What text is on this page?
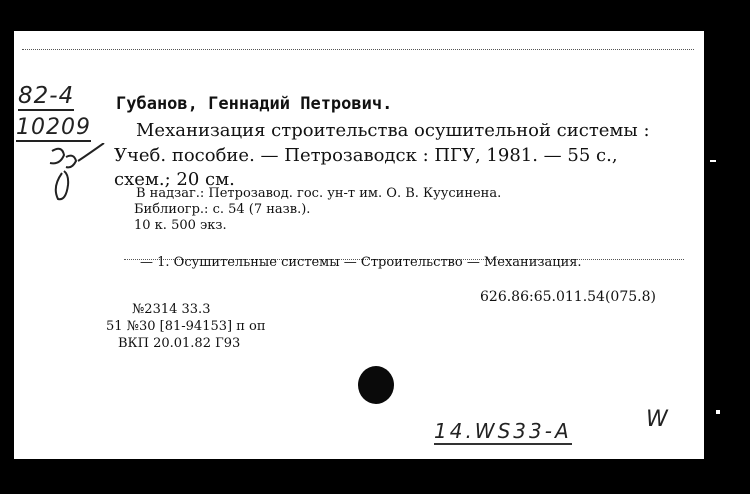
82-4
10209
Губанов, Геннадий Петрович.
Механизация строительства осушительной системы :
Учеб. пособие. — Петрозаводск : ПГУ, 1981. — 55 с.,
схем.; 20 см.
В надзаг.: Петрозавод. гос. ун-т им. О. В. Куусинена.
Библиогр.: с. 54 (7 назв.).
10 к. 500 экз.
— 1. Осушительные системы — Строительство — Механизация.
626.86:65.011.54(075.8)
№2314 33.3
51 №30 [81-94153] п оп
ВКП 20.01.82 Г93
14.WS33-A	W
